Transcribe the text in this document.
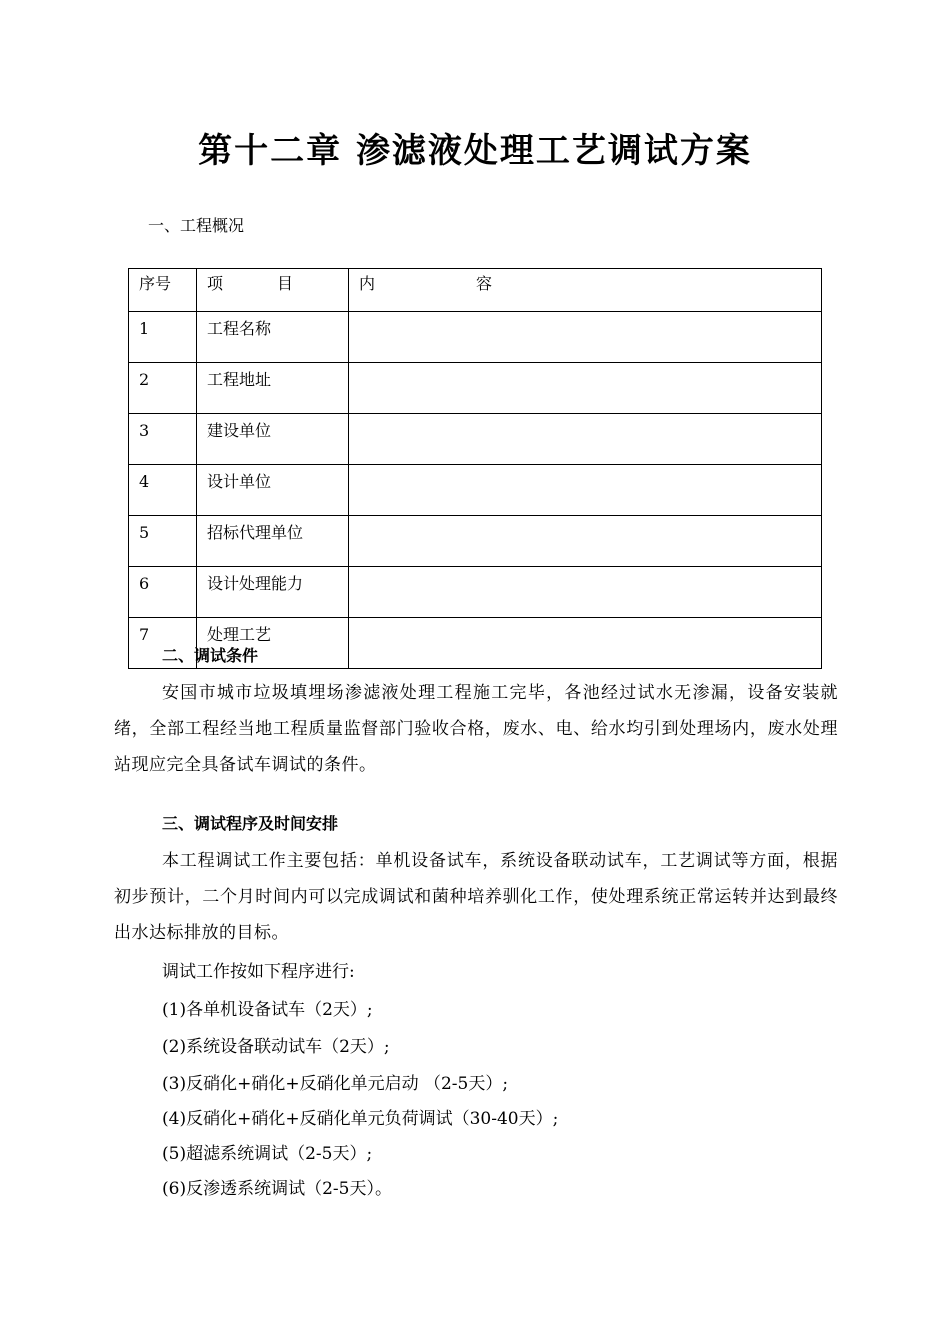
第十二章 渗滤液处理工艺调试方案
一、工程概况
序号	项 目	内 容

1	工程名称	
2	工程地址	
3	建设单位	
4	设计单位	
5	招标代理单位	
6	设计处理能力	
7	处理工艺	
二、调试条件
安国市城市垃圾填埋场渗滤液处理工程施工完毕，各池经过试水无渗漏，设备安装就绪，全部工程经当地工程质量监督部门验收合格，废水、电、给水均引到处理场内，废水处理站现应完全具备试车调试的条件。
三、调试程序及时间安排
本工程调试工作主要包括：单机设备试车，系统设备联动试车，工艺调试等方面，根据初步预计，二个月时间内可以完成调试和菌种培养驯化工作，使处理系统正常运转并达到最终出水达标排放的目标。
调试工作按如下程序进行:
(1)各单机设备试车（2天）;
(2)系统设备联动试车（2天）;
(3)反硝化+硝化+反硝化单元启动 （2-5天）;
(4)反硝化+硝化+反硝化单元负荷调试（30-40天）;
(5)超滤系统调试（2-5天）;
(6)反渗透系统调试（2-5天）。
